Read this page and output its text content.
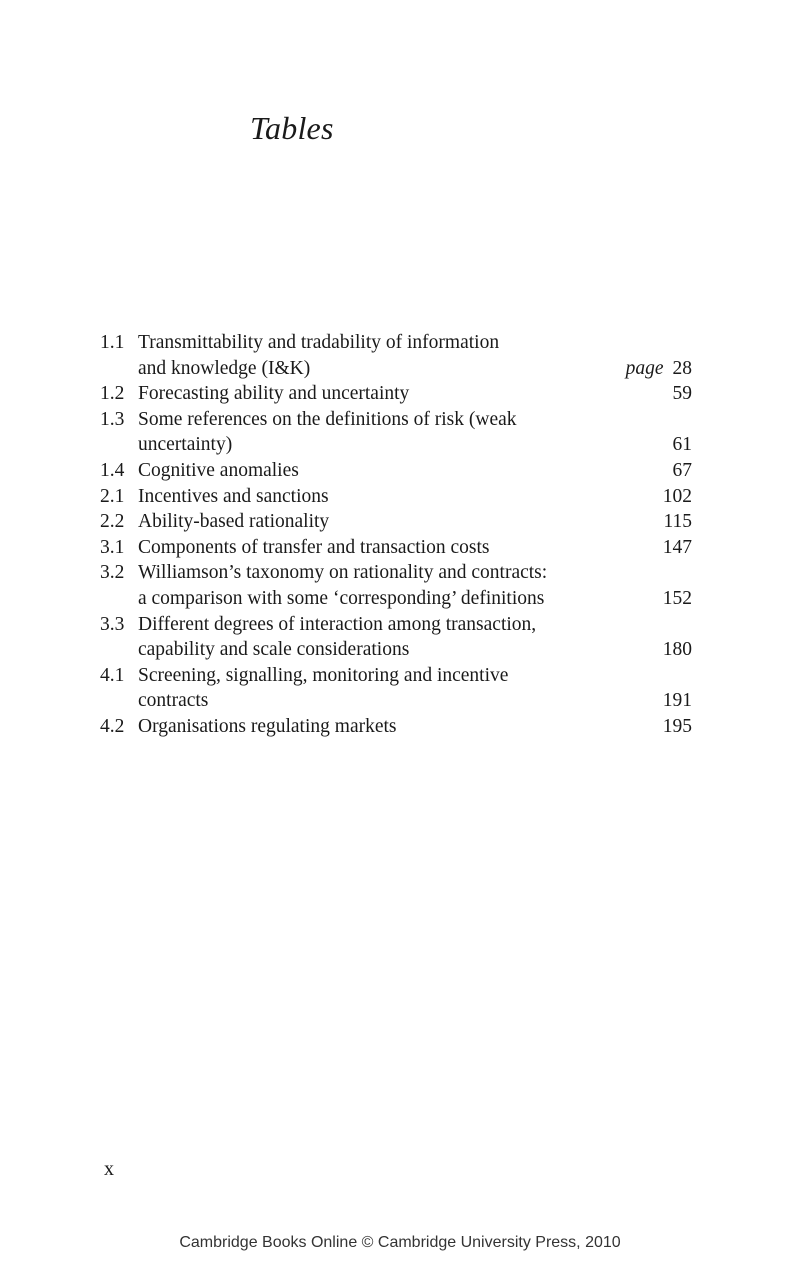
Tables
1.1 Transmittability and tradability of information
and knowledge (I&K)	page 28
1.2 Forecasting ability and uncertainty	59
1.3 Some references on the definitions of risk (weak
uncertainty)	61
1.4 Cognitive anomalies	67
2.1 Incentives and sanctions	102
2.2 Ability-based rationality	115
3.1 Components of transfer and transaction costs	147
3.2 Williamson’s taxonomy on rationality and contracts:
a comparison with some ‘corresponding’ definitions	152
3.3 Different degrees of interaction among transaction,
capability and scale considerations	180
4.1 Screening, signalling, monitoring and incentive
contracts	191
4.2 Organisations regulating markets	195
x
Cambridge Books Online © Cambridge University Press, 2010
